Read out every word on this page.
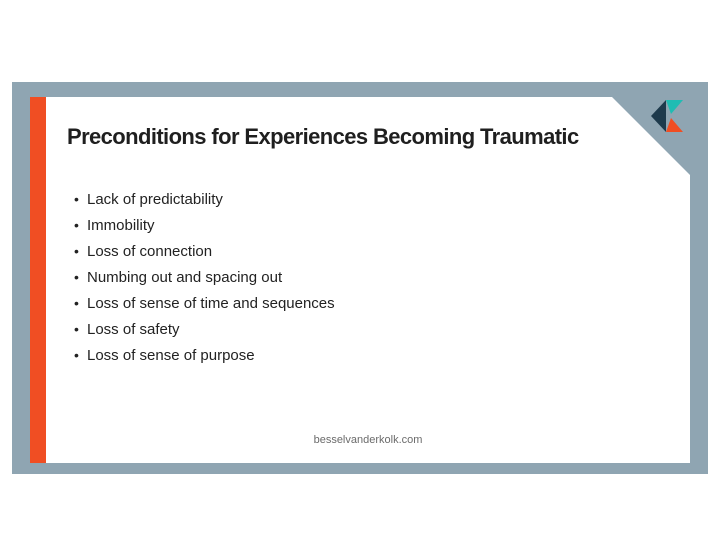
Preconditions for Experiences Becoming Traumatic
• Lack of predictability
• Immobility
• Loss of connection
• Numbing out and spacing out
• Loss of sense of time and sequences
• Loss of safety
• Loss of sense of purpose
besselvanderkolk.com
